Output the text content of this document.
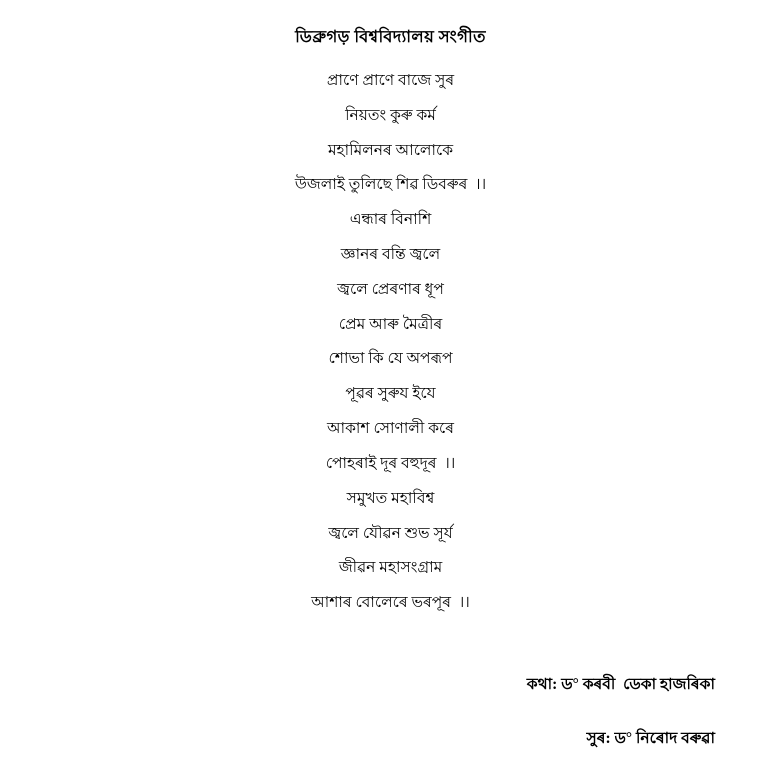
ডিব্ৰুগড় বিশ্ববিদ্যালয় সংগীত
প্ৰাণে প্ৰাণে বাজে সুৰ
নিয়তং কুৰু কৰ্ম
মহামিলনৰ আলোকে
উজলাই তুলিছে শিৱ ডিব‍ৰুৰ  ।।
এন্ধাৰ বিনাশি
জ্ঞানৰ বন্তি জ্বলে
জ্বলে প্ৰেৰণাৰ ধূপ
প্ৰেম আৰু মৈত্ৰীৰ
শোভা কি যে অপৰূপ
পূৱৰ সুৰুয ইযে
আকাশ সোণালী কৰে
পোহৰাই দূৰ বহুদূৰ  ।।
সমুখত মহাবিশ্ব
জ্বলে যৌৱন শুভ সূৰ্য
জীৱন মহাসংগ্ৰাম
আশাৰ বোলেৰে ভৰপূৰ  ।।
কথা: ড° কৰবী  ডেকা হাজৰিকা
সুৰ: ড° নিৰোদ বৰুৱা
